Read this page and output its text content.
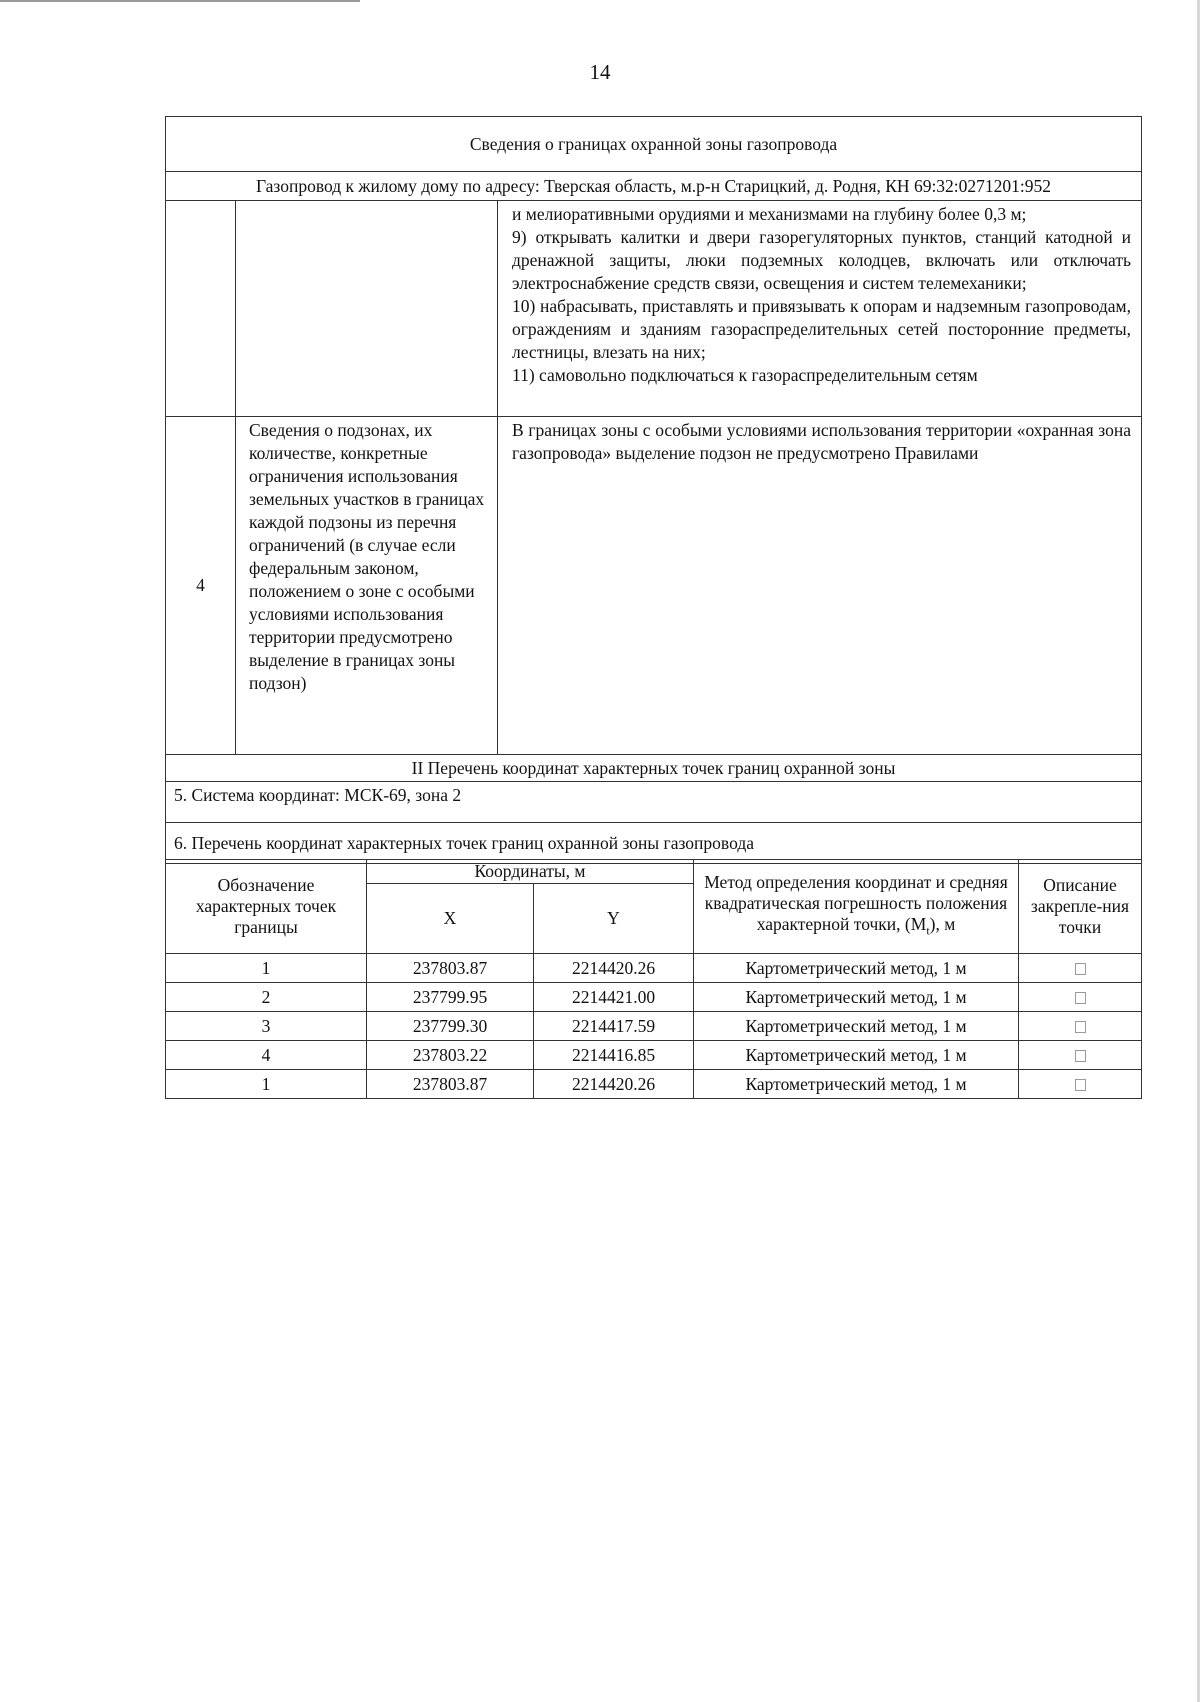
14
Сведения о границах охранной зоны газопровода		
Газопровод к жилому дому по адресу: Тверская область, м.р-н Старицкий, д. Родня, КН 69:32:0271201:952		

		и мелиоративными орудиями и механизмами на глубину более 0,3 м;

9) открывать калитки и двери газорегуляторных пунктов, станций катодной и дренажной защиты, люки подземных колодцев, включать или отключать электроснабжение средств связи, освещения и систем телемеханики;

10) набрасывать, приставлять и привязывать к опорам и надземным газопроводам, ограждениям и зданиям газораспределительных сетей посторонние предметы, лестницы, влезать на них;

11) самовольно подключаться к газораспределительным сетям

4	Сведения о подзонах, их количестве, конкретные ограничения использования земельных участков в границах каждой подзоны из перечня ограничений (в случае если федеральным законом, положением о зоне с особыми условиями использования территории предусмотрено выделение в границах зоны подзон)	В границах зоны с особыми условиями использования территории «охранная зона газопровода» выделение подзон не предусмотрено Правилами
II Перечень координат характерных точек границ охранной зоны		
5. Система координат: МСК-69, зона 2		
6. Перечень координат характерных точек границ охранной зоны газопровода		
Обозначение характерных точек границы	Координаты, м		Метод определения координат и средняя квадратическая погрешность положения характерной точки, $(M_t)$, м	Описание закрепле-ния точки
	X	Y		
1	237803.87	2214420.26	Картометрический метод, 1 м	
2	237799.95	2214421.00	Картометрический метод, 1 м	
3	237799.30	2214417.59	Картометрический метод, 1 м	
4	237803.22	2214416.85	Картометрический метод, 1 м	
1	237803.87	2214420.26	Картометрический метод, 1 м	
